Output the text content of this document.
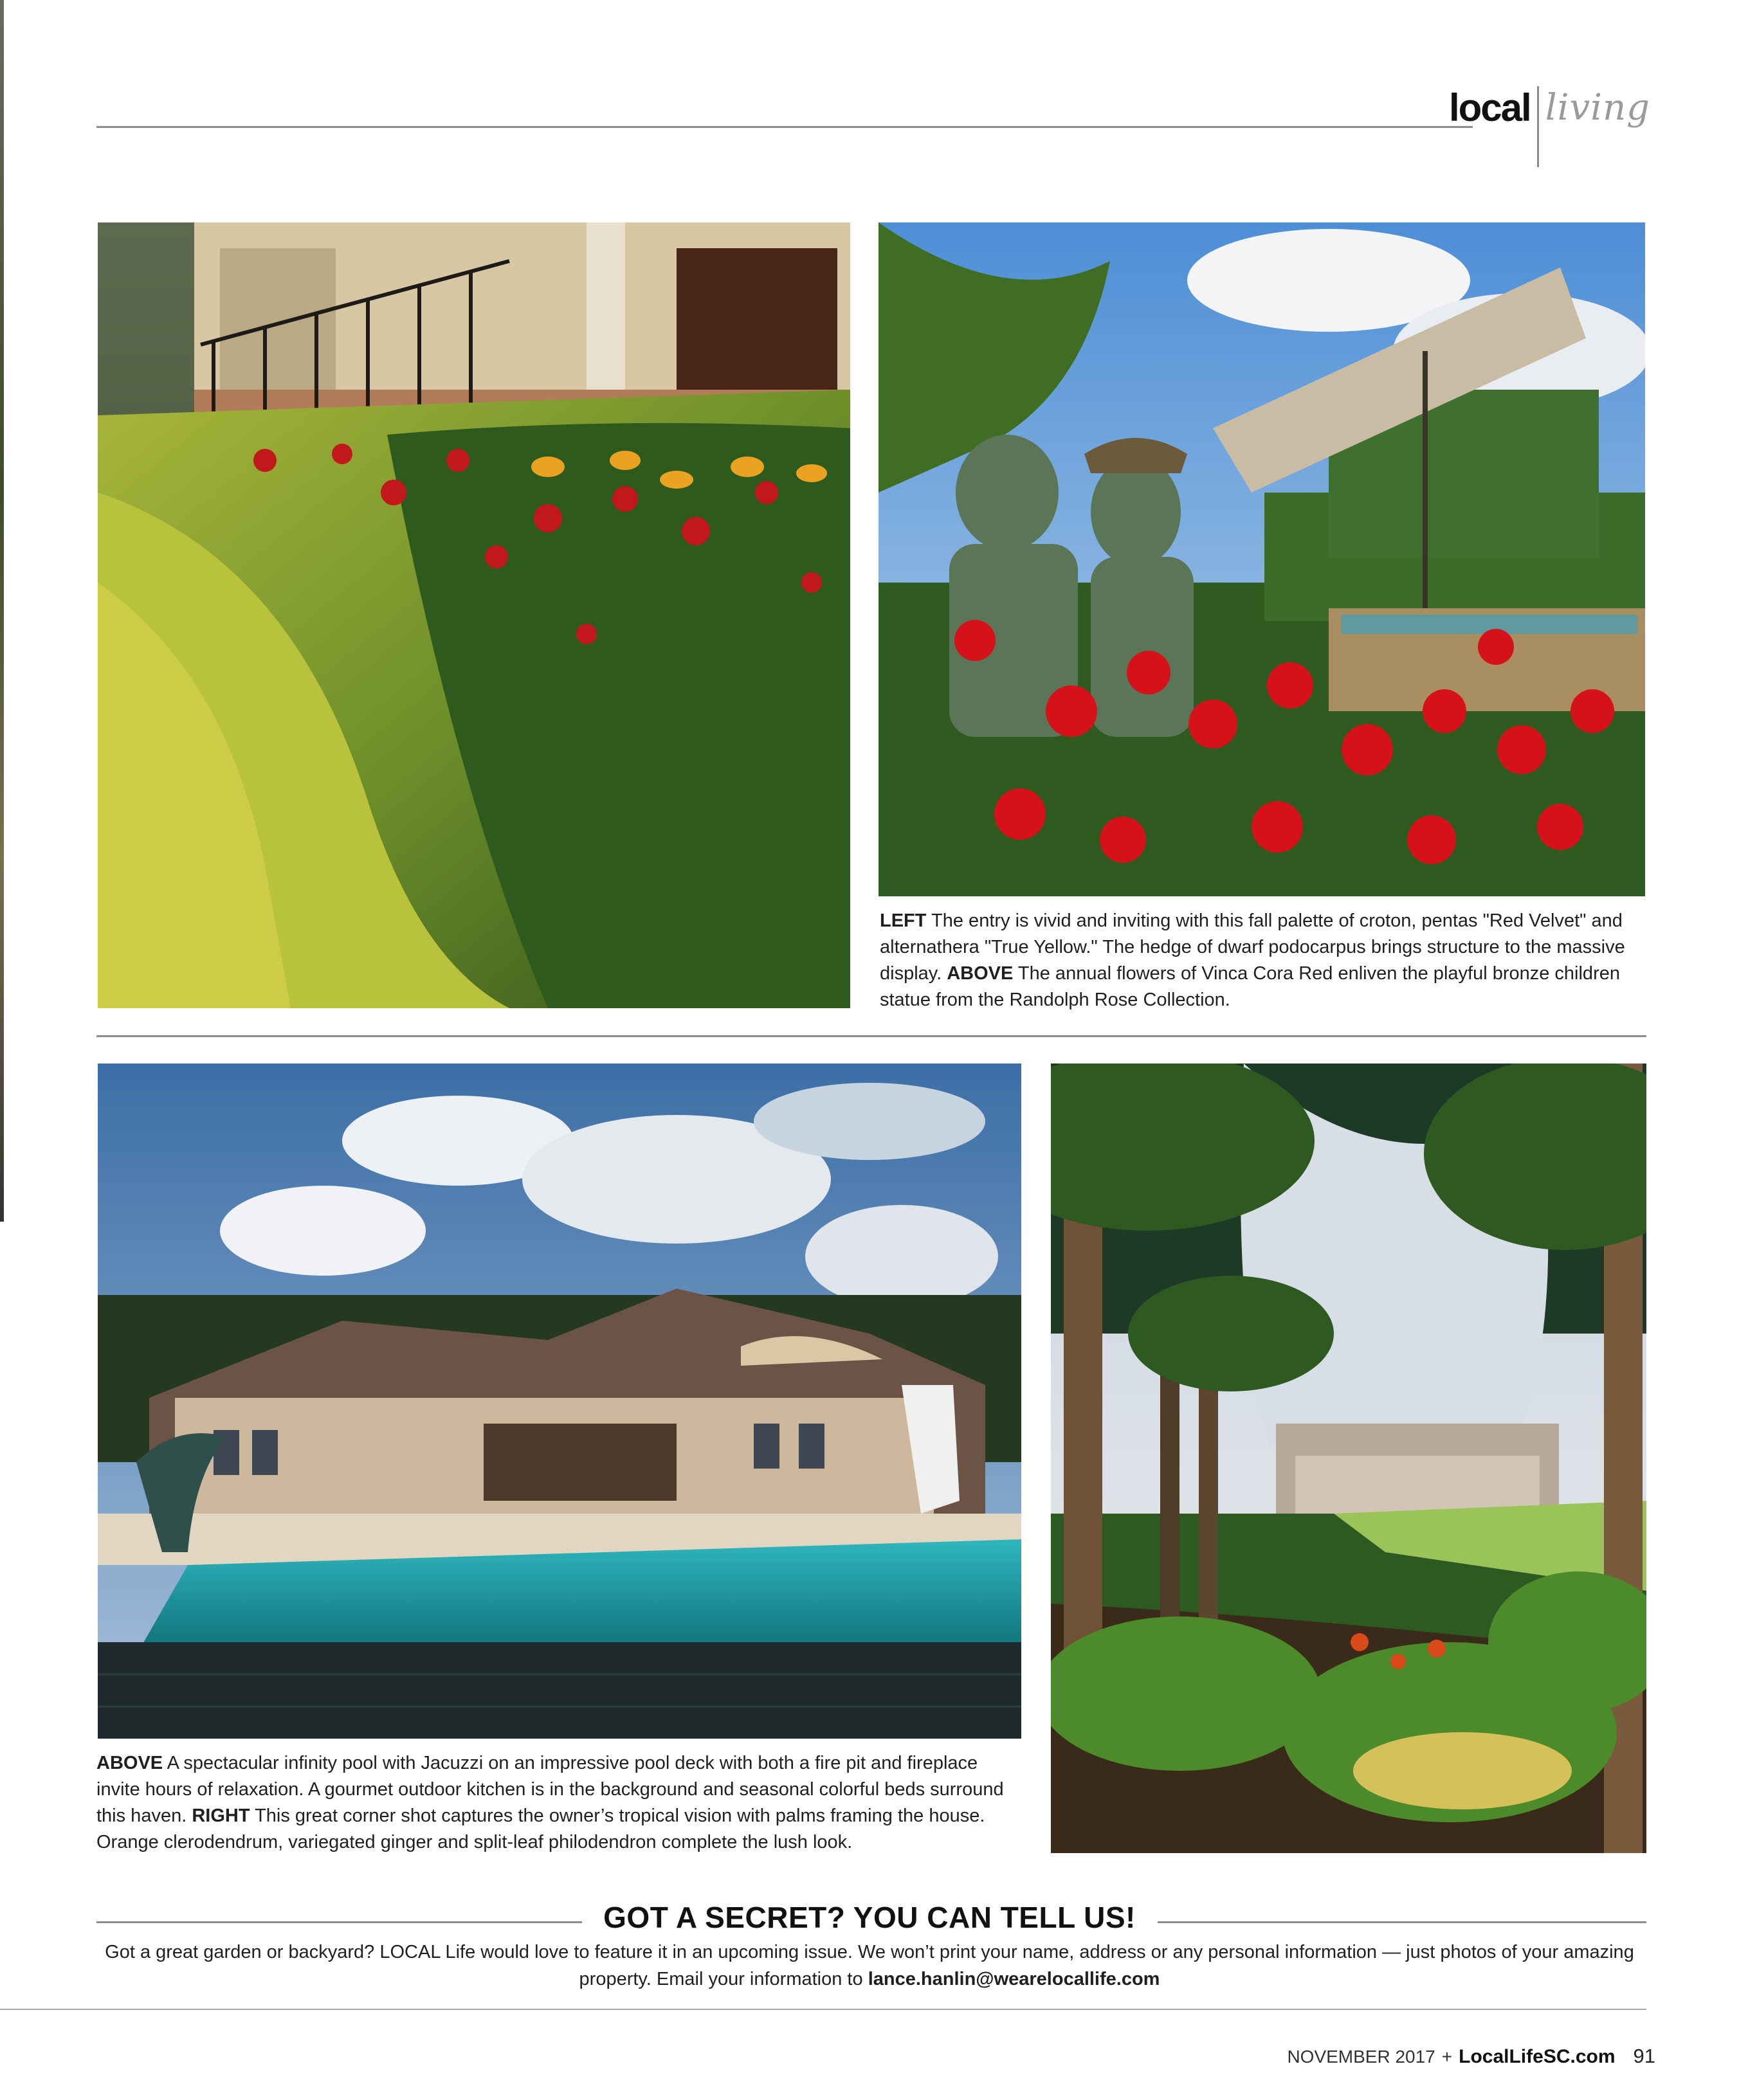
local living
LEFT The entry is vivid and inviting with this fall palette of croton, pentas "Red Velvet" and alternathera "True Yellow." The hedge of dwarf podocarpus brings structure to the massive display. ABOVE The annual flowers of Vinca Cora Red enliven the playful bronze children statue from the Randolph Rose Collection.
ABOVE A spectacular infinity pool with Jacuzzi on an impressive pool deck with both a fire pit and fireplace invite hours of relaxation. A gourmet outdoor kitchen is in the background and seasonal colorful beds surround this haven. RIGHT This great corner shot captures the owner’s tropical vision with palms framing the house. Orange clerodendrum, variegated ginger and split-leaf philodendron complete the lush look.
GOT A SECRET? YOU CAN TELL US!
Got a great garden or backyard? LOCAL Life would love to feature it in an upcoming issue. We won’t print your name, address or any personal information — just photos of your amazing property. Email your information to lance.hanlin@wearelocallife.com
NOVEMBER 2017 + LocalLifeSC.com 91
